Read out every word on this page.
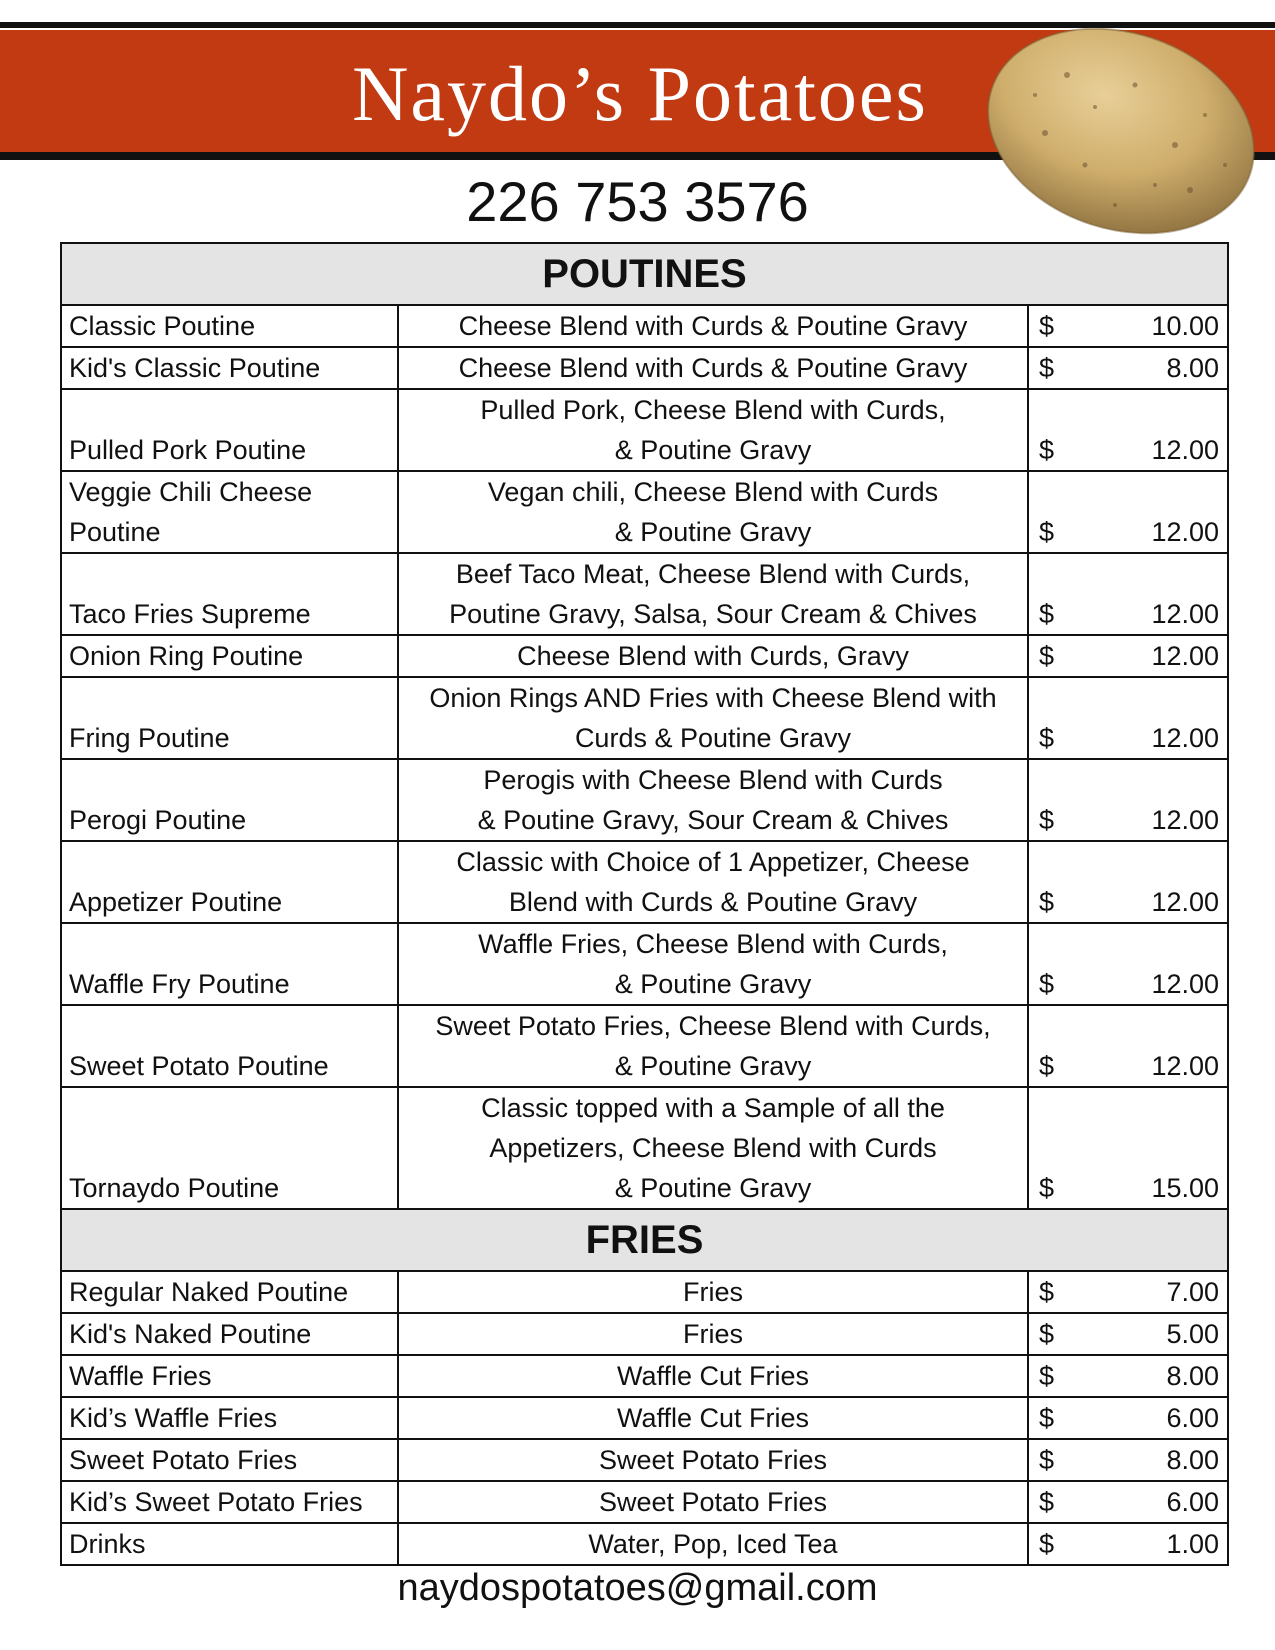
Naydo’s Potatoes
226 753 3576
POUTINES		
Classic Poutine	Cheese Blend with Curds & Poutine Gravy	$ 10.00

Kid's Classic Poutine	Cheese Blend with Curds & Poutine Gravy	$ 8.00

Pulled Pork Poutine	Pulled Pork, Cheese Blend with Curds,
& Poutine Gravy	$ 12.00

Veggie Chili Cheese
Poutine	Vegan chili, Cheese Blend with Curds
& Poutine Gravy	$ 12.00

Taco Fries Supreme	Beef Taco Meat, Cheese Blend with Curds,
Poutine Gravy, Salsa, Sour Cream & Chives	$ 12.00

Onion Ring Poutine	Cheese Blend with Curds, Gravy	$ 12.00

Fring Poutine	Onion Rings AND Fries with Cheese Blend with
Curds & Poutine Gravy	$ 12.00

Perogi Poutine	Perogis with Cheese Blend with Curds
& Poutine Gravy, Sour Cream & Chives	$ 12.00

Appetizer Poutine	Classic with Choice of 1 Appetizer, Cheese
Blend with Curds & Poutine Gravy	$ 12.00

Waffle Fry Poutine	Waffle Fries, Cheese Blend with Curds,
& Poutine Gravy	$ 12.00

Sweet Potato Poutine	Sweet Potato Fries, Cheese Blend with Curds,
& Poutine Gravy	$ 12.00

Tornaydo Poutine	Classic topped with a Sample of all the
Appetizers, Cheese Blend with Curds
& Poutine Gravy	$ 15.00

FRIES		
Regular Naked Poutine	Fries	$ 7.00

Kid's Naked Poutine	Fries	$ 5.00

Waffle Fries	Waffle Cut Fries	$ 8.00

Kid’s Waffle Fries	Waffle Cut Fries	$ 6.00

Sweet Potato Fries	Sweet Potato Fries	$ 8.00

Kid’s Sweet Potato Fries	Sweet Potato Fries	$ 6.00

Drinks	Water, Pop, Iced Tea	$ 1.00
naydospotatoes@gmail.com
